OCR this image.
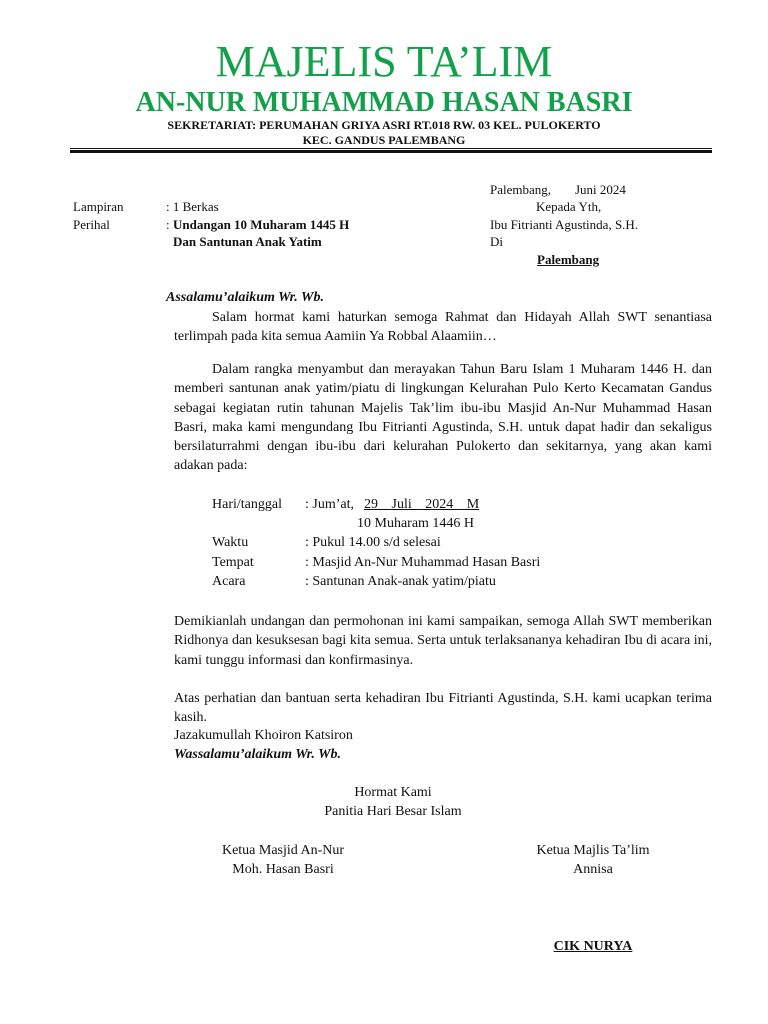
MAJELIS TA’LIM
AN-NUR MUHAMMAD HASAN BASRI
SEKRETARIAT: PERUMAHAN GRIYA ASRI RT.018 RW. 03 KEL. PULOKERTO
KEC. GANDUS PALEMBANG
Lampiran	: 1 Berkas
Perihal	: Undangan 10 Muharam 1445 H
Dan Santunan Anak Yatim
Palembang, Juni 2024
Kepada Yth,
Ibu Fitrianti Agustinda, S.H.
Di
Palembang
Assalamu’alaikum Wr. Wb.
Salam hormat kami haturkan semoga Rahmat dan Hidayah Allah SWT senantiasa terlimpah pada kita semua Aamiin Ya Robbal Alaamiin…
Dalam rangka menyambut dan merayakan Tahun Baru Islam 1 Muharam 1446 H. dan memberi santunan anak yatim/piatu di lingkungan Kelurahan Pulo Kerto Kecamatan Gandus sebagai kegiatan rutin tahunan Majelis Tak’lim ibu-ibu Masjid An-Nur Muhammad Hasan Basri, maka kami mengundang Ibu Fitrianti Agustinda, S.H. untuk dapat hadir dan sekaligus bersilaturrahmi dengan ibu-ibu dari kelurahan Pulokerto dan sekitarnya, yang akan kami adakan pada:
Hari/tanggal : Jum’at, 29 Juli 2024 M
10 Muharam 1446 H
Waktu	: Pukul 14.00 s/d selesai
Tempat	: Masjid An-Nur Muhammad Hasan Basri
Acara	: Santunan Anak-anak yatim/piatu
Demikianlah undangan dan permohonan ini kami sampaikan, semoga Allah SWT memberikan Ridhonya dan kesuksesan bagi kita semua. Serta untuk terlaksananya kehadiran Ibu di acara ini, kami tunggu informasi dan konfirmasinya.
Atas perhatian dan bantuan serta kehadiran Ibu Fitrianti Agustinda, S.H. kami ucapkan terima kasih.
Jazakumullah Khoiron Katsiron
Wassalamu’alaikum Wr. Wb.
Hormat Kami
Panitia Hari Besar Islam
Ketua Masjid An-Nur
Moh. Hasan Basri
Ketua Majlis Ta’lim
Annisa
CIK NURYA
